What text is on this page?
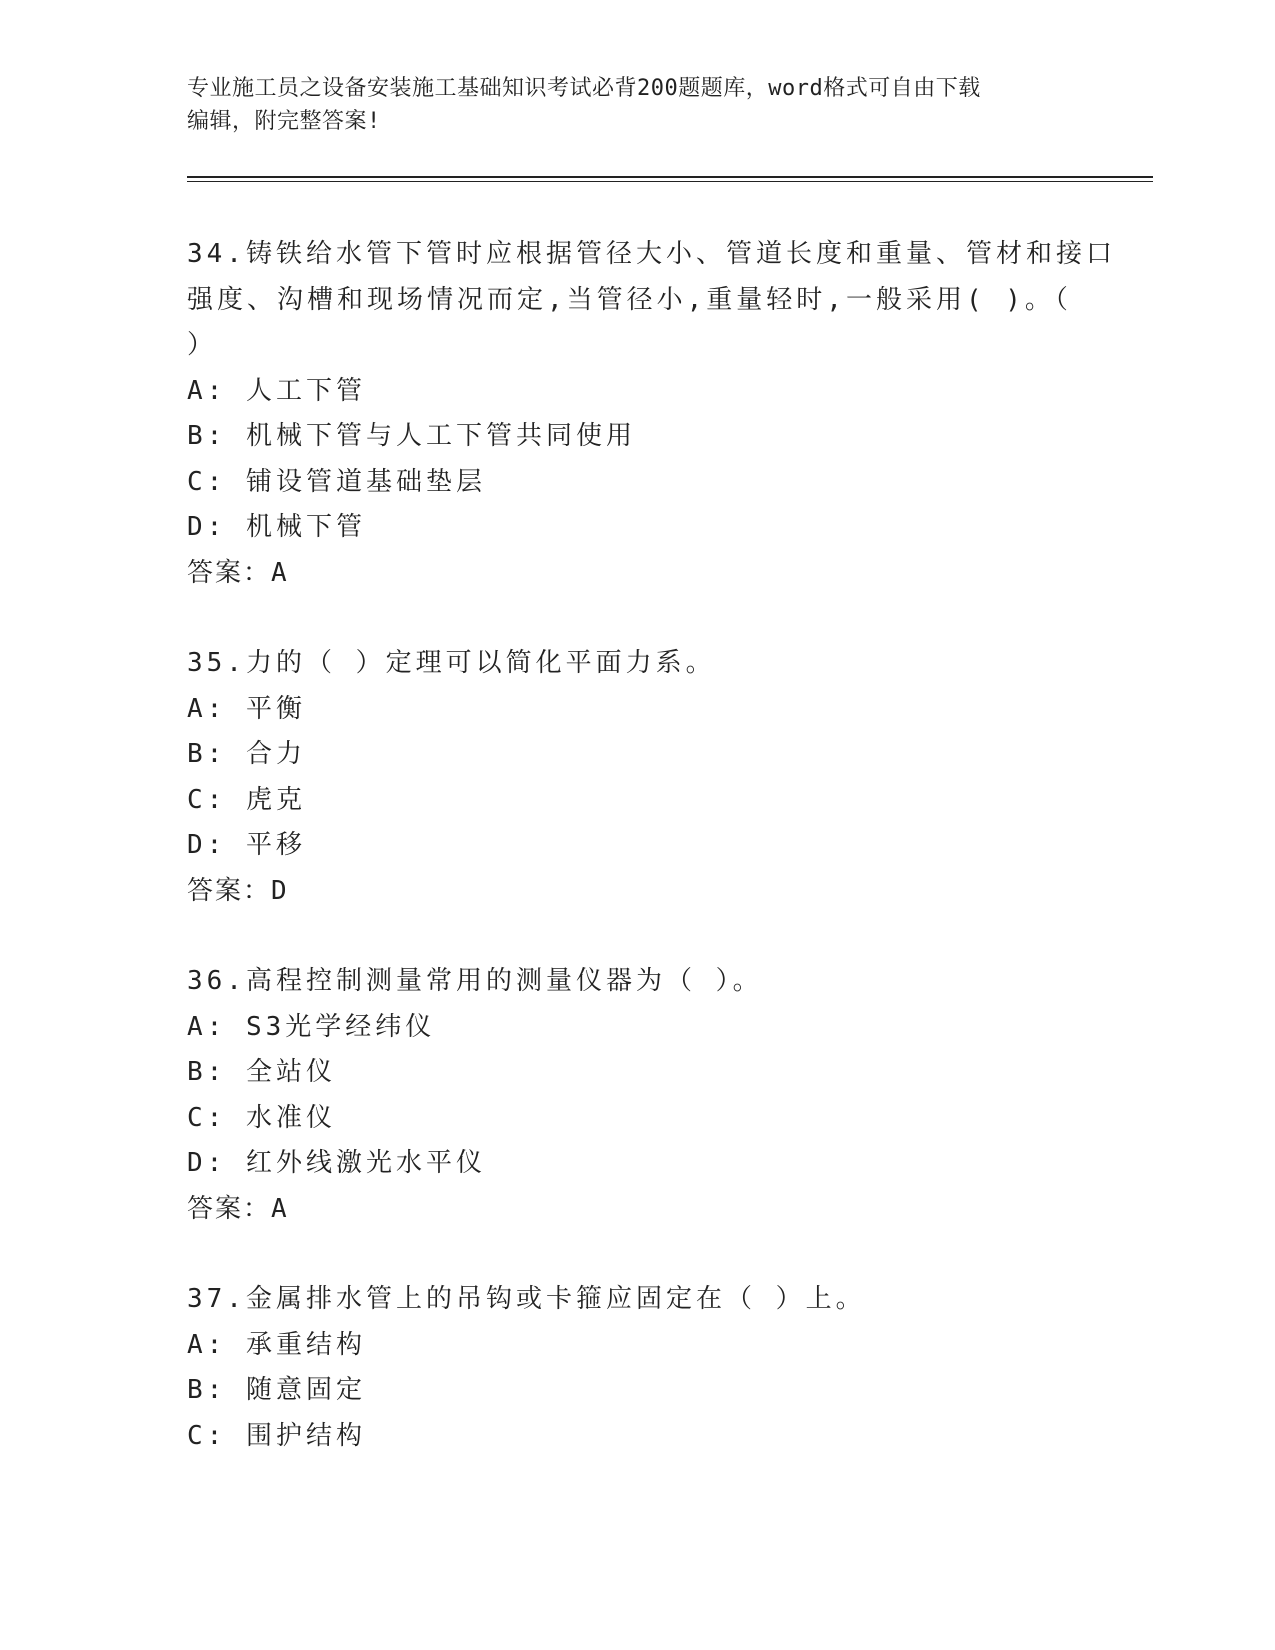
专业施工员之设备安装施工基础知识考试必背200题题库，word格式可自由下载
编辑，附完整答案!
34.铸铁给水管下管时应根据管径大小、管道长度和重量、管材和接口
强度、沟槽和现场情况而定,当管径小,重量轻时,一般采用( )。（
）
A: 人工下管
B: 机械下管与人工下管共同使用
C: 铺设管道基础垫层
D: 机械下管
答案：A
35.力的（ ）定理可以简化平面力系。
A: 平衡
B: 合力
C: 虎克
D: 平移
答案：D
36.高程控制测量常用的测量仪器为（ ）。
A: S3光学经纬仪
B: 全站仪
C: 水准仪
D: 红外线激光水平仪
答案：A
37.金属排水管上的吊钩或卡箍应固定在（ ）上。
A: 承重结构
B: 随意固定
C: 围护结构
